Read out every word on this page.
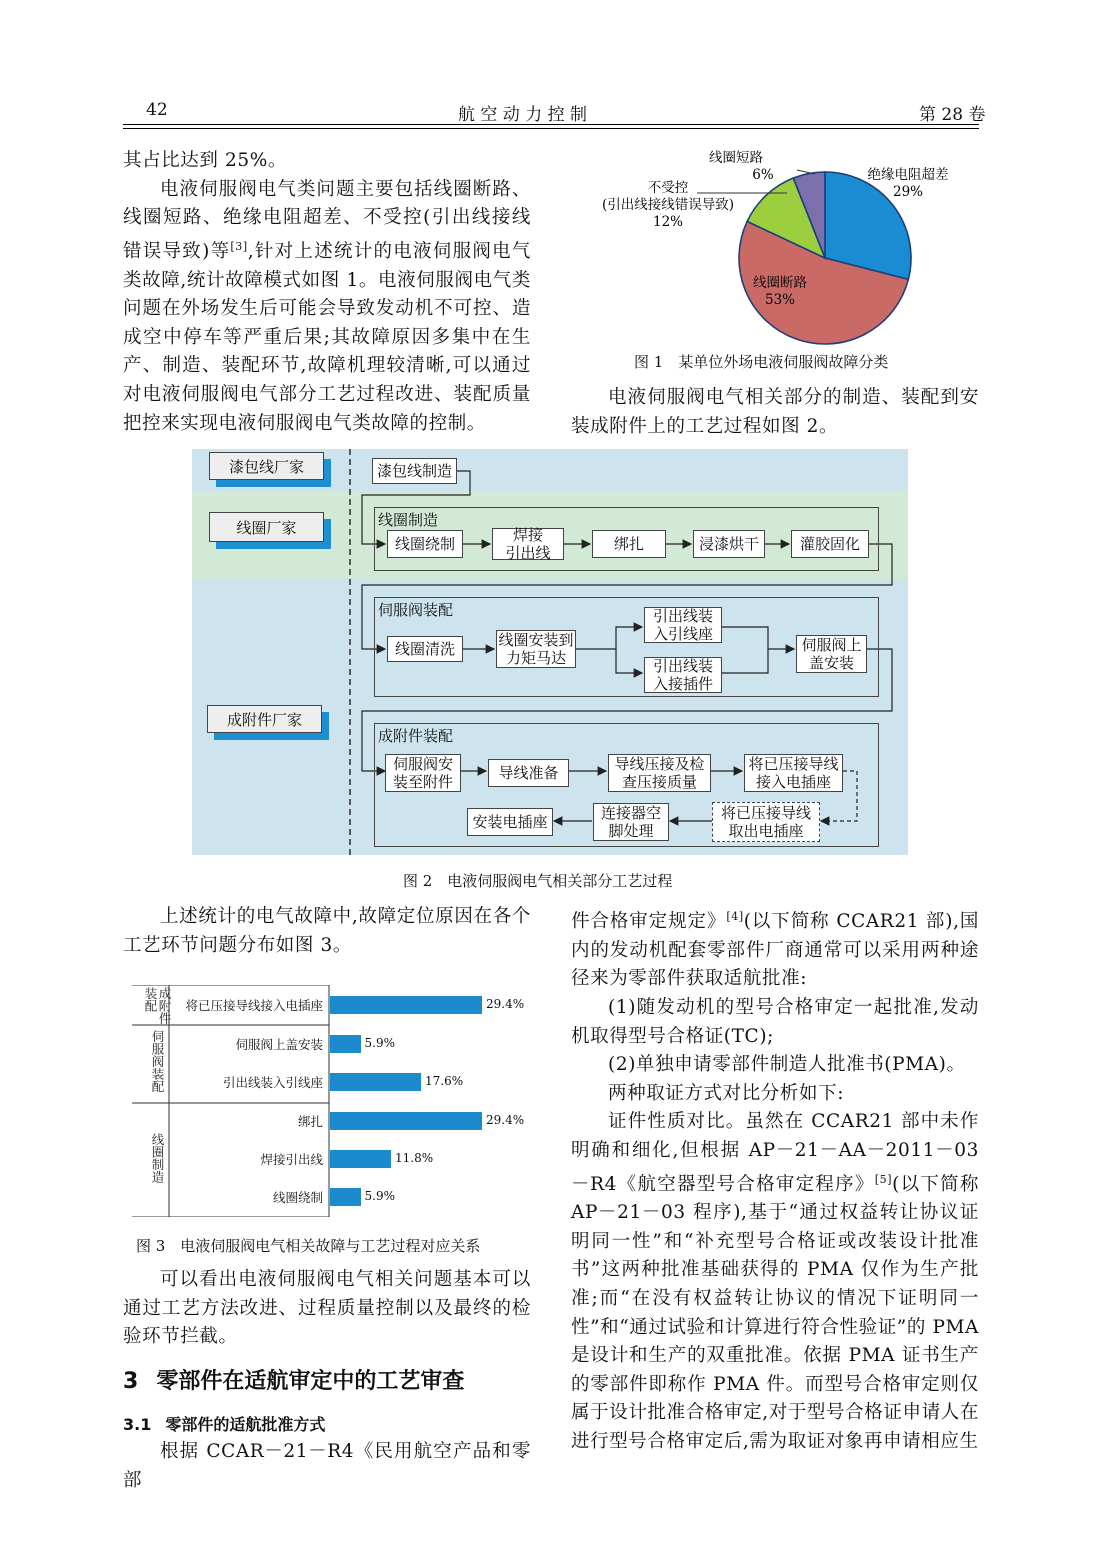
42	航 空 动 力 控 制	第 28 卷

其占比达到 25%。

电液伺服阀电气类问题主要包括线圈断路、线圈短路、绝缘电阻超差、不受控(引出线接线错误导致)等[3],针对上述统计的电液伺服阀电气类故障,统计故障模式如图 1。电液伺服阀电气类问题在外场发生后可能会导致发动机不可控、造成空中停车等严重后果;其故障原因多集中在生产、制造、装配环节,故障机理较清晰,可以通过对电液伺服阀电气部分工艺过程改进、装配质量把控来实现电液伺服阀电气类故障的控制。

线圈短路
6%	绝缘电阻超差
29%
不受控
(引出线接线错误导致)
12%
线圈断路
53%
图 1　某单位外场电液伺服阀故障分类

电液伺服阀电气相关部分的制造、装配到安装成附件上的工艺过程如图 2。

漆包线厂家
线圈厂家
成附件厂家
漆包线制造
线圈制造
线圈绕制	焊接
引出线	绑扎	浸漆烘干	灌胶固化
伺服阀装配
线圈清洗	线圈安装到
力矩马达
引出线装
入引线座
引出线装
入接插件
伺服阀上
盖安装
成附件装配
伺服阀安
装至附件	导线准备	导线压接及检
查压接质量
将已压接导线
接入电插座
将已压接导线
取出电插座
连接器空
脚处理
安装电插座
图 2　电液伺服阀电气相关部分工艺过程

上述统计的电气故障中,故障定位原因在各个工艺环节问题分布如图 3。

成附件装配
伺服阀装配
线圈制造
将已压接导线接入电插座	29.4%
伺服阀上盖安装	5.9%
引出线装入引线座	17.6%
绑扎	29.4%
焊接引出线	11.8%
线圈绕制	5.9%
图 3　电液伺服阀电气相关故障与工艺过程对应关系

可以看出电液伺服阀电气相关问题基本可以通过工艺方法改进、过程质量控制以及最终的检验环节拦截。

3 零部件在适航审定中的工艺审查
3.1 零部件的适航批准方式

根据 CCAR－21－R4《民用航空产品和零部

件合格审定规定》[4](以下简称 CCAR21 部),国内的发动机配套零部件厂商通常可以采用两种途径来为零部件获取适航批准:

(1)随发动机的型号合格审定一起批准,发动机取得型号合格证(TC);

(2)单独申请零部件制造人批准书(PMA)。

两种取证方式对比分析如下:

证件性质对比。虽然在 CCAR21 部中未作明确和细化,但根据 AP－21－AA－2011－03－R4《航空器型号合格审定程序》[5](以下简称 AP－21－03 程序),基于“通过权益转让协议证明同一性”和“补充型号合格证或改装设计批准书”这两种批准基础获得的 PMA 仅作为生产批准;而“在没有权益转让协议的情况下证明同一性”和“通过试验和计算进行符合性验证”的 PMA 是设计和生产的双重批准。依据 PMA 证书生产的零部件即称作 PMA 件。而型号合格审定则仅属于设计批准合格审定,对于型号合格证申请人在进行型号合格审定后,需为取证对象再申请相应生
